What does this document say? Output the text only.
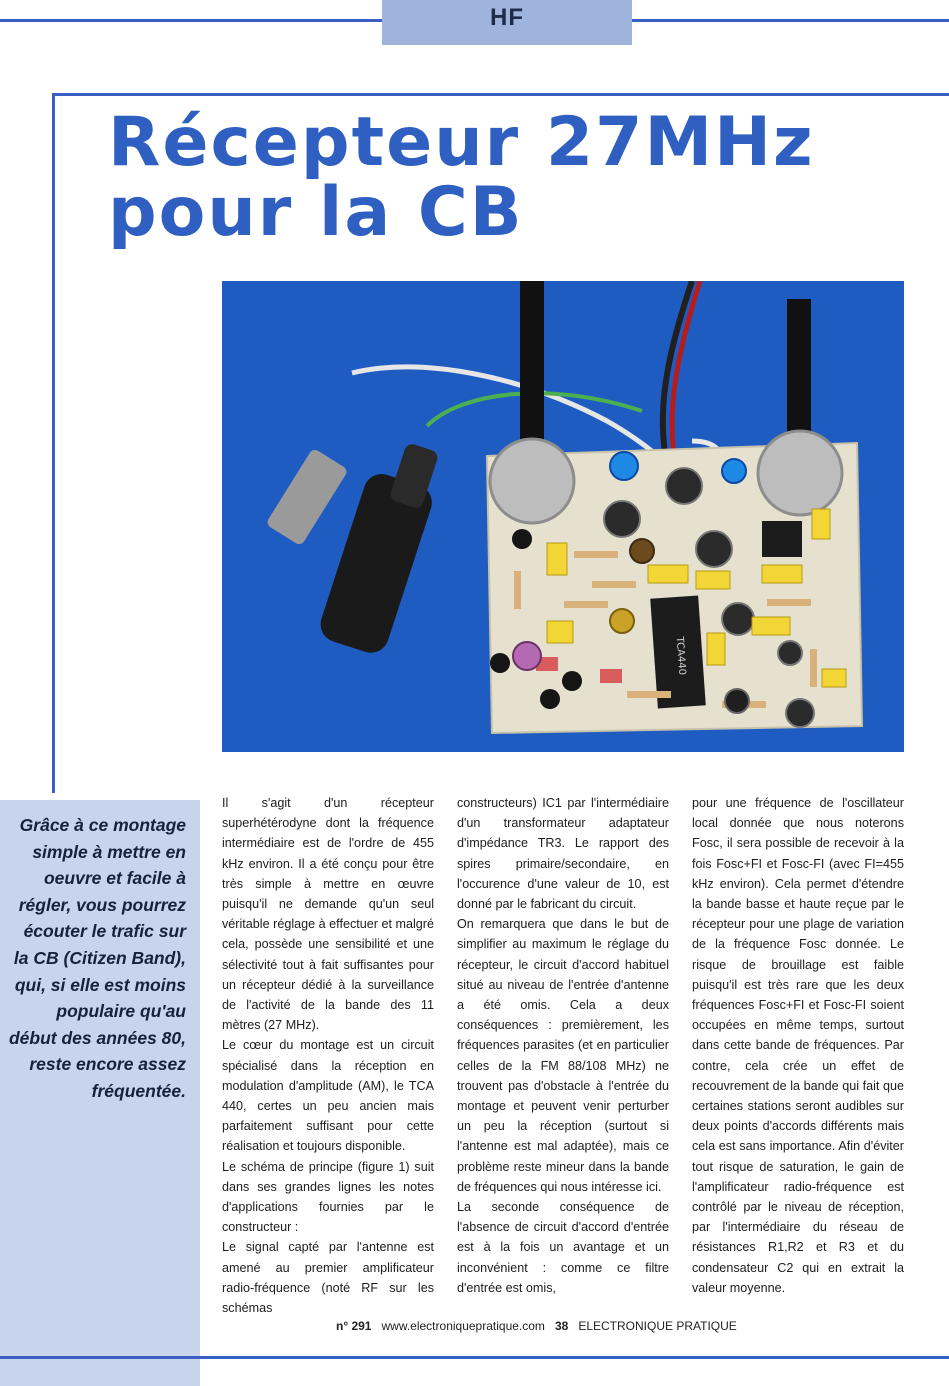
HF
Récepteur 27MHz
pour la CB
TCA440
Grâce à ce montage simple à mettre en oeuvre et facile à régler, vous pourrez écouter le trafic sur la CB (Citizen Band), qui, si elle est moins populaire qu'au début des années 80, reste encore assez fréquentée.

Il s'agit d'un récepteur superhétérodyne dont la fréquence intermédiaire est de l'ordre de 455 kHz environ. Il a été conçu pour être très simple à mettre en œuvre puisqu'il ne demande qu'un seul véritable réglage à effectuer et malgré cela, possède une sensibilité et une sélectivité tout à fait suffisantes pour un récepteur dédié à la surveillance de l'activité de la bande des 11 mètres (27 MHz).

Le cœur du montage est un circuit spécialisé dans la réception en modulation d'amplitude (AM), le TCA 440, certes un peu ancien mais parfaitement suffisant pour cette réalisation et toujours disponible.

Le schéma de principe (figure 1) suit dans ses grandes lignes les notes d'applications fournies par le constructeur :

Le signal capté par l'antenne est amené au premier amplificateur radio-fréquence (noté RF sur les schémas

constructeurs) IC1 par l'intermédiaire d'un transformateur adaptateur d'impédance TR3. Le rapport des spires primaire/secondaire, en l'occurence d'une valeur de 10, est donné par le fabricant du circuit.

On remarquera que dans le but de simplifier au maximum le réglage du récepteur, le circuit d'accord habituel situé au niveau de l'entrée d'antenne a été omis. Cela a deux conséquences : premièrement, les fréquences parasites (et en particulier celles de la FM 88/108 MHz) ne trouvent pas d'obstacle à l'entrée du montage et peuvent venir perturber un peu la réception (surtout si l'antenne est mal adaptée), mais ce problème reste mineur dans la bande de fréquences qui nous intéresse ici.

La seconde conséquence de l'absence de circuit d'accord d'entrée est à la fois un avantage et un inconvénient : comme ce filtre d'entrée est omis,

pour une fréquence de l'oscillateur local donnée que nous noterons Fosc, il sera possible de recevoir à la fois Fosc+FI et Fosc-FI (avec FI=455 kHz environ). Cela permet d'étendre la bande basse et haute reçue par le récepteur pour une plage de variation de la fréquence Fosc donnée. Le risque de brouillage est faible puisqu'il est très rare que les deux fréquences Fosc+FI et Fosc-FI soient occupées en même temps, surtout dans cette bande de fréquences. Par contre, cela crée un effet de recouvrement de la bande qui fait que certaines stations seront audibles sur deux points d'accords différents mais cela est sans importance. Afin d'éviter tout risque de saturation, le gain de l'amplificateur radio-fréquence est contrôlé par le niveau de réception, par l'intermédiaire du réseau de résistances R1,R2 et R3 et du condensateur C2 qui en extrait la valeur moyenne.

n° 291 www.electroniquepratique.com 38 ELECTRONIQUE PRATIQUE
